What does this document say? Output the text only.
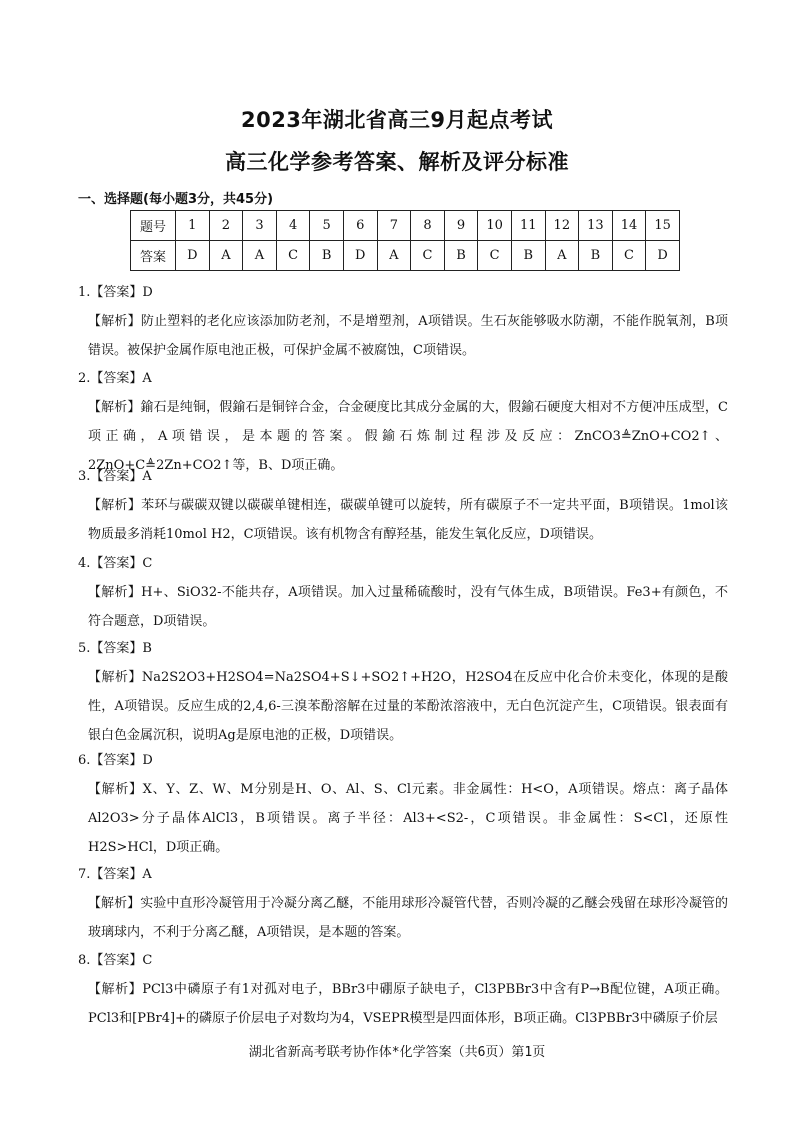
2023年湖北省高三9月起点考试
高三化学参考答案、解析及评分标准
一、选择题(每小题3分，共45分)
题号	1	2	3	4	5	6	7	8	9	10	11	12	13	14	15
答案	D	A	A	C	B	D	A	C	B	C	B	A	B	C	D
1.【答案】D
【解析】防止塑料的老化应该添加防老剂，不是增塑剂，A项错误。生石灰能够吸水防潮，不能作脱氧剂，B项错误。被保护金属作原电池正极，可保护金属不被腐蚀，C项错误。
2.【答案】A
【解析】鍮石是纯铜，假鍮石是铜锌合金，合金硬度比其成分金属的大，假鍮石硬度大相对不方便冲压成型，C项正确，A项错误，是本题的答案。假鍮石炼制过程涉及反应：ZnCO3≜ZnO+CO2↑、2ZnO+C≜2Zn+CO2↑等，B、D项正确。
3.【答案】A
【解析】苯环与碳碳双键以碳碳单键相连，碳碳单键可以旋转，所有碳原子不一定共平面，B项错误。1mol该物质最多消耗10mol H2，C项错误。该有机物含有醇羟基，能发生氧化反应，D项错误。
4.【答案】C
【解析】H+、SiO32-不能共存，A项错误。加入过量稀硫酸时，没有气体生成，B项错误。Fe3+有颜色，不符合题意，D项错误。
5.【答案】B
【解析】Na2S2O3+H2SO4=Na2SO4+S↓+SO2↑+H2O，H2SO4在反应中化合价未变化，体现的是酸性，A项错误。反应生成的2,4,6-三溴苯酚溶解在过量的苯酚浓溶液中，无白色沉淀产生，C项错误。银表面有银白色金属沉积，说明Ag是原电池的正极，D项错误。
6.【答案】D
【解析】X、Y、Z、W、M分别是H、O、Al、S、Cl元素。非金属性：H<O，A项错误。熔点：离子晶体Al2O3>分子晶体AlCl3，B项错误。离子半径：Al3+<S2-，C项错误。非金属性：S<Cl，还原性H2S>HCl，D项正确。
7.【答案】A
【解析】实验中直形冷凝管用于冷凝分离乙醚，不能用球形冷凝管代替，否则冷凝的乙醚会残留在球形冷凝管的玻璃球内，不利于分离乙醚，A项错误，是本题的答案。
8.【答案】C
【解析】PCl3中磷原子有1对孤对电子，BBr3中硼原子缺电子，Cl3PBBr3中含有P→B配位键，A项正确。PCl3和[PBr4]+的磷原子价层电子对数均为4，VSEPR模型是四面体形，B项正确。Cl3PBBr3中磷原子价层
湖北省新高考联考协作体*化学答案（共6页）第1页
